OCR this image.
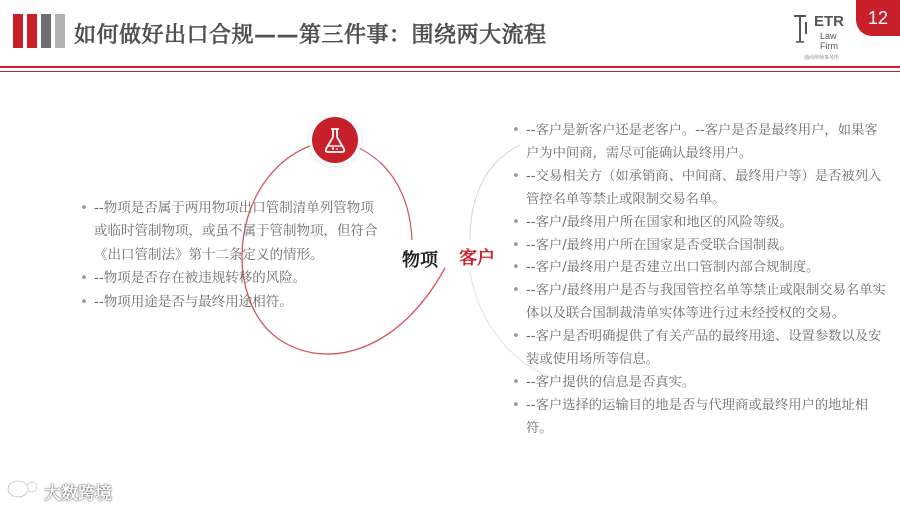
如何做好出口合规——第三件事：围绕两大流程
ETR
Law
Firm
通商律师事务所
12
物项 客户
• --物项是否属于两用物项出口管制清单列管物项或临时管制物项，或虽不属于管制物项，但符合《出口管制法》第十二条定义的情形。
• --物项是否存在被违规转移的风险。
• --物项用途是否与最终用途相符。
• --客户是新客户还是老客户。--客户是否是最终用户，如果客户为中间商，需尽可能确认最终用户。
• --交易相关方（如承销商、中间商、最终用户等）是否被列入管控名单等禁止或限制交易名单。
• --客户/最终用户所在国家和地区的风险等级。
• --客户/最终用户所在国家是否受联合国制裁。
• --客户/最终用户是否建立出口管制内部合规制度。
• --客户/最终用户是否与我国管控名单等禁止或限制交易名单实体以及联合国制裁清单实体等进行过未经授权的交易。
• --客户是否明确提供了有关产品的最终用途、设置参数以及安装或使用场所等信息。
• --客户提供的信息是否真实。
• --客户选择的运输目的地是否与代理商或最终用户的地址相符。
大数跨境
